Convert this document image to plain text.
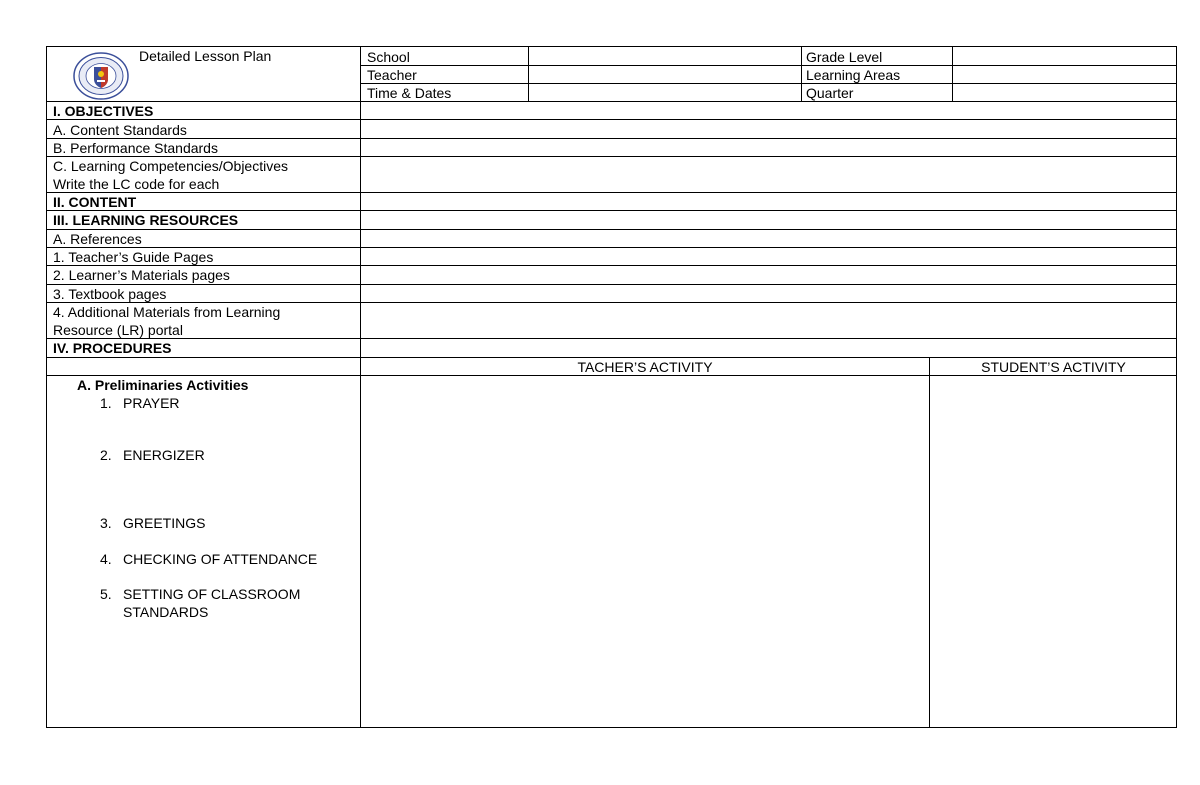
Detailed Lesson Plan	School
Teacher
Time & Dates
Grade Level
Learning Areas
Quarter
I. OBJECTIVES
A. Content Standards
B. Performance Standards
C. Learning Competencies/Objectives
Write the LC code for each
II. CONTENT
III. LEARNING RESOURCES
A. References
1. Teacher’s Guide Pages
2. Learner’s Materials pages
3. Textbook pages
4. Additional Materials from Learning
Resource (LR) portal
IV. PROCEDURES
TACHER’S ACTIVITY	STUDENT’S ACTIVITY
A. Preliminaries Activities
1. PRAYER
2. ENERGIZER
3. GREETINGS
4. CHECKING OF ATTENDANCE
5. SETTING OF CLASSROOM
STANDARDS
